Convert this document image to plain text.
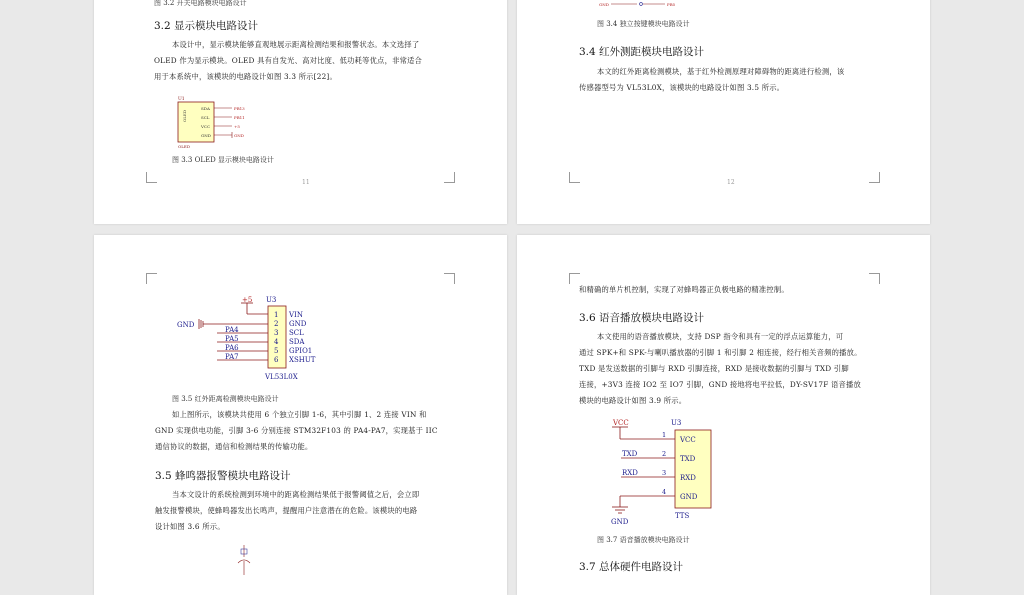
图 3.2 开关电路模块电路设计
3.2 显示模块电路设计
本设计中，显示模块能够直观地展示距离检测结果和报警状态。本文选择了
OLED 作为显示模块。OLED 具有自发光、高对比度、低功耗等优点，非常适合
用于本系统中，该模块的电路设计如图 3.3 所示[22]。
U1
OLED
SDA
SCL
VCC
GND
PB13
PB11
+5
GND
OLED
图 3.3 OLED 显示模块电路设计
11
GND	PB5
图 3.4 独立按键模块电路设计
3.4 红外测距模块电路设计
本文的红外距离检测模块，基于红外检测原理对障碍物的距离进行检测，该
传感器型号为 VL53L0X，该模块的电路设计如图 3.5 所示。
12
+5 U3
GND
PA4
PA5
PA6
PA7
1
2
3
4
5
6
VIN
GND
SCL
SDA
GPIO1
XSHUT
VL53L0X
图 3.5 红外距离检测模块电路设计
如上图所示，该模块共使用 6 个独立引脚 1-6，其中引脚 1、2 连接 VIN 和
GND 实现供电功能，引脚 3-6 分别连接 STM32F103 的 PA4-PA7，实现基于 IIC
通信协议的数据，通信和检测结果的传输功能。
3.5 蜂鸣器报警模块电路设计
当本文设计的系统检测到环境中的距离检测结果低于报警阈值之后，会立即
触发报警模块，使蜂鸣器发出长鸣声，提醒用户注意潜在的危险。该模块的电路
设计如图 3.6 所示。
和精确的单片机控制，实现了对蜂鸣器正负极电路的精准控制。
3.6 语音播放模块电路设计
本文使用的语音播放模块，支持 DSP 指令和具有一定的浮点运算能力，可
通过 SPK+和 SPK-与喇叭播放器的引脚 1 和引脚 2 相连接，经行相关音频的播放。
TXD 是发送数据的引脚与 RXD 引脚连接，RXD 是接收数据的引脚与 TXD 引脚
连接，+3V3 连接 IO2 至 IO7 引脚，GND 接地将电平拉低，DY-SV17F 语音播放
模块的电路设计如图 3.9 所示。
VCC	U3
1
2
3
4
VCC
TXD
RXD
GND
TXD
RXD
GND
TTS
图 3.7 语音播放模块电路设计
3.7 总体硬件电路设计
